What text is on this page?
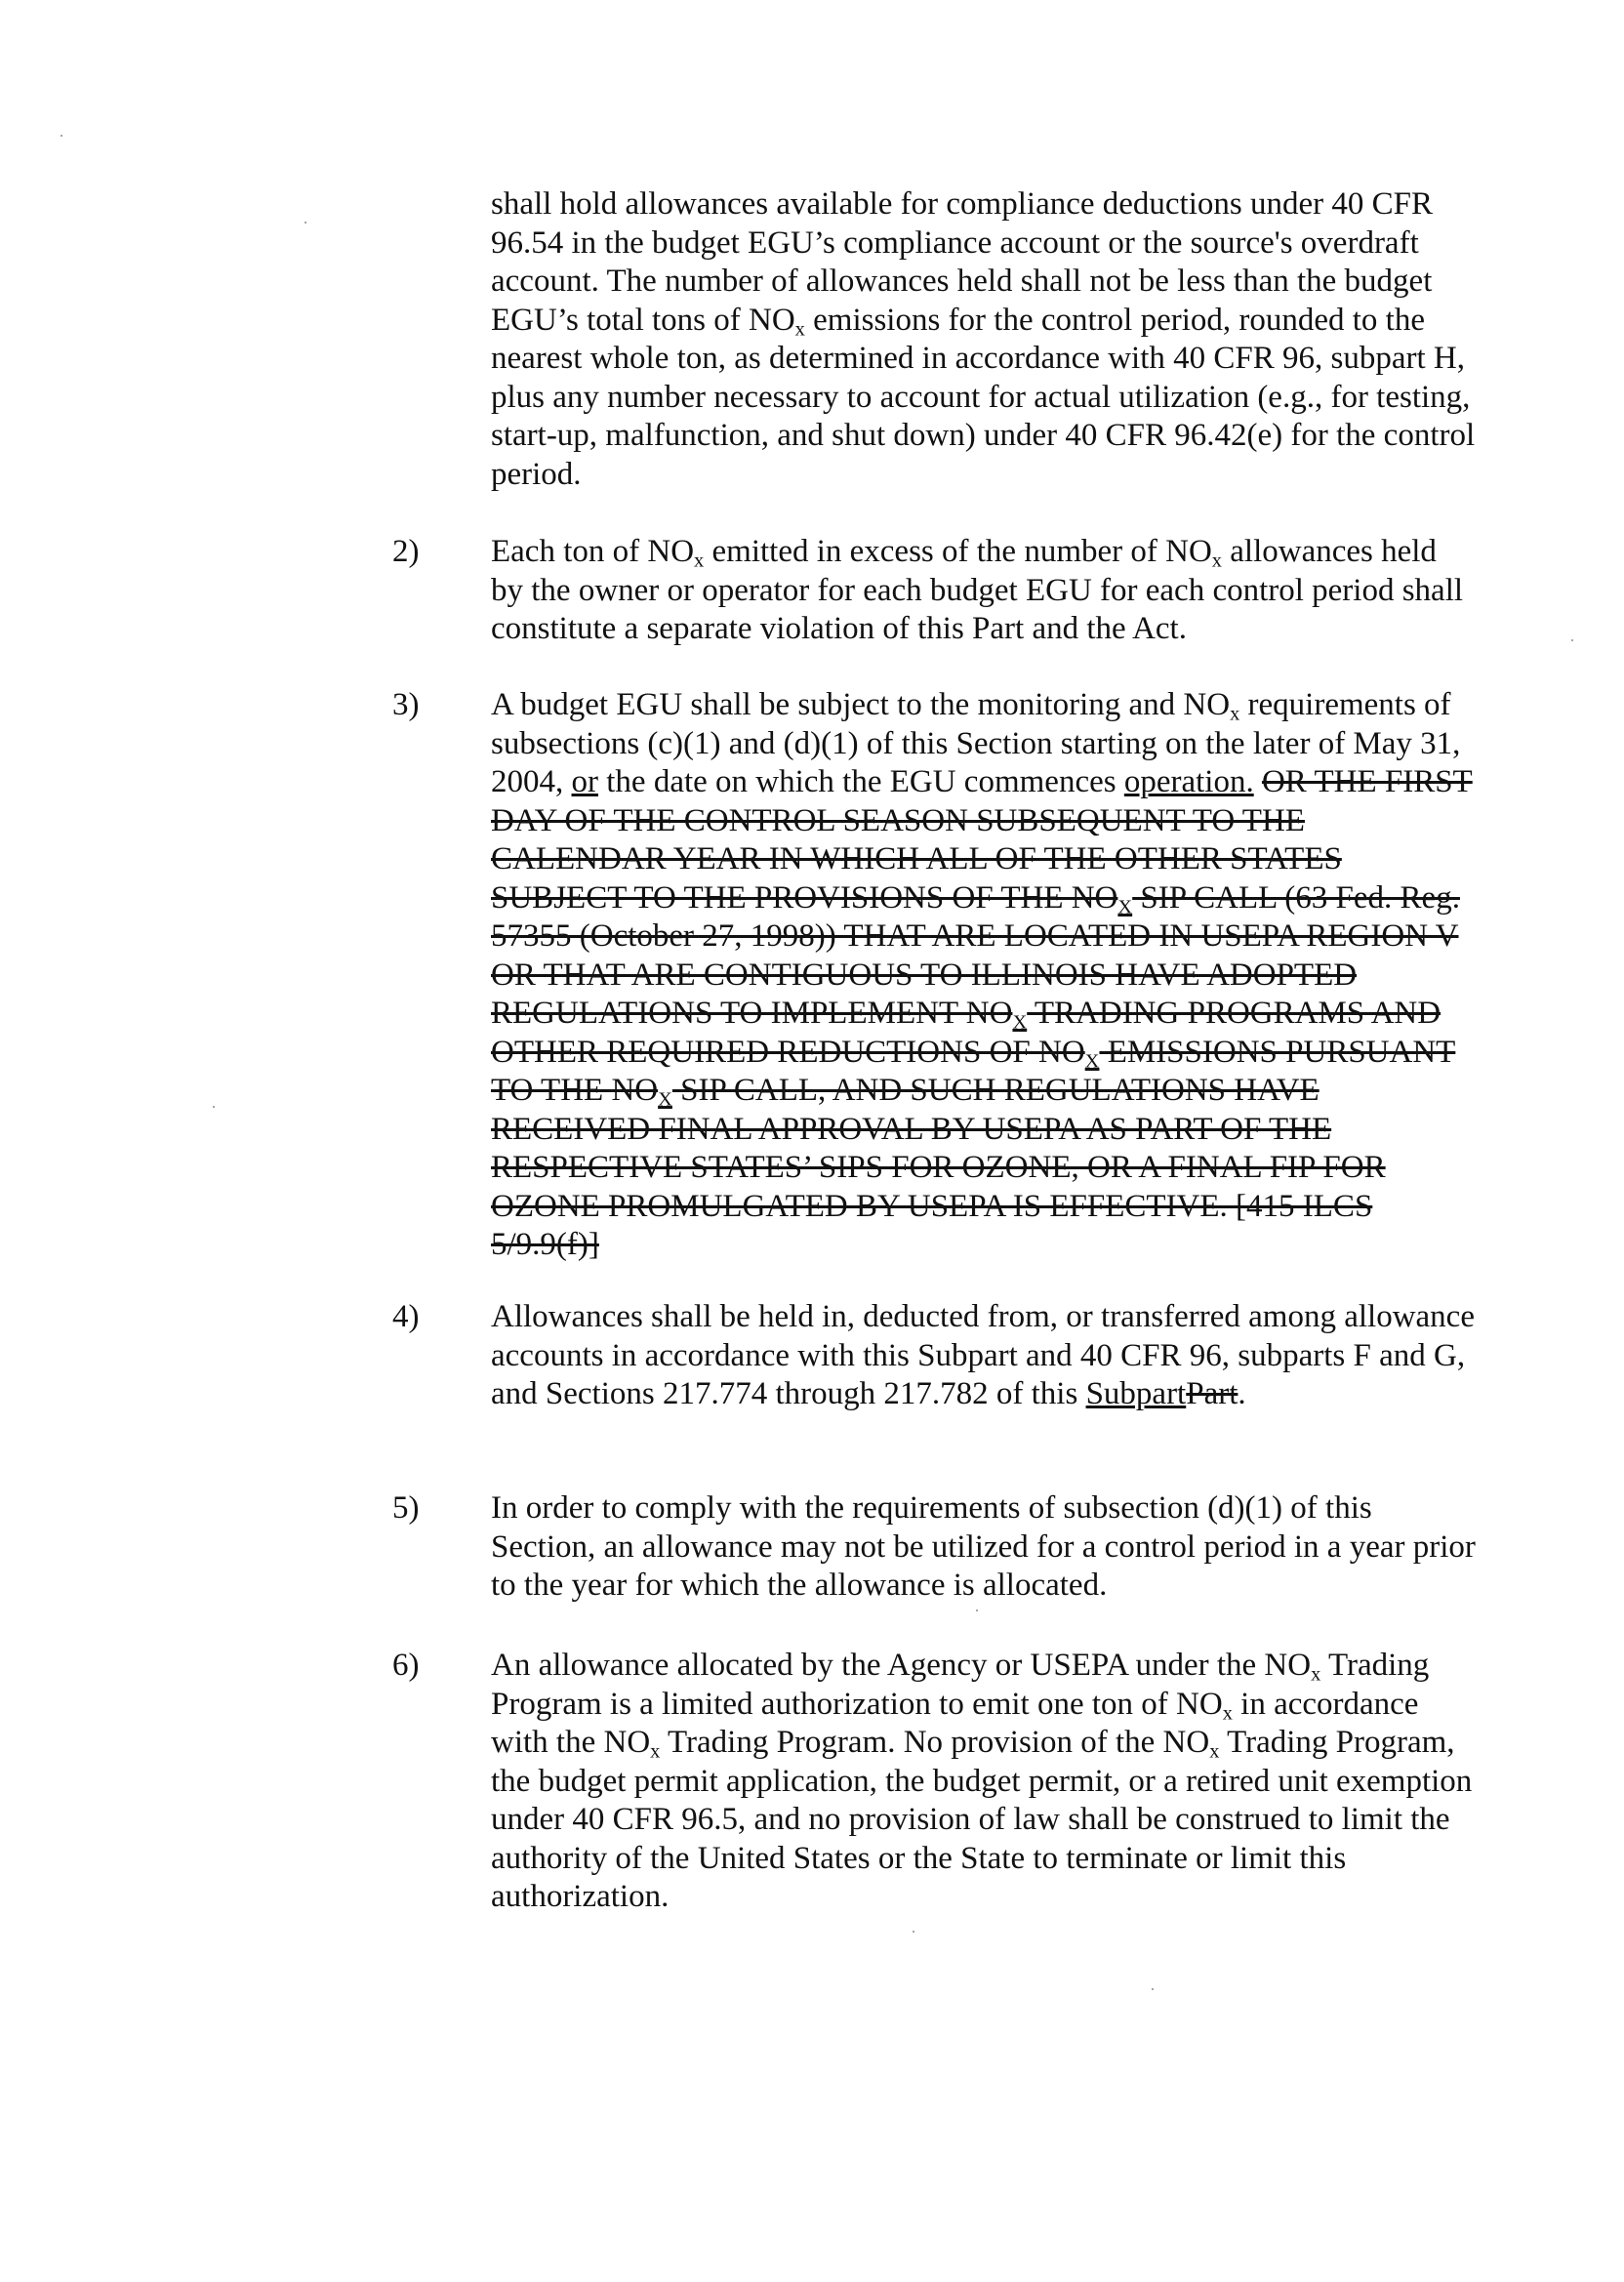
shall hold allowances available for compliance deductions under 40 CFR 96.54 in the budget EGU’s compliance account or the source's overdraft account. The number of allowances held shall not be less than the budget EGU’s total tons of $NO_x$ emissions for the control period, rounded to the nearest whole ton, as determined in accordance with 40 CFR 96, subpart H, plus any number necessary to account for actual utilization (e.g., for testing, start-up, malfunction, and shut down) under 40 CFR 96.42(e) for the control period.

2) Each ton of $NO_x$ emitted in excess of the number of $NO_x$ allowances held by the owner or operator for each budget EGU for each control period shall constitute a separate violation of this Part and the Act.

3) A budget EGU shall be subject to the monitoring and $NO_x$ requirements of subsections (c)(1) and (d)(1) of this Section starting on the later of May 31, 2004, or the date on which the EGU commences operation. OR THE FIRST DAY OF THE CONTROL SEASON SUBSEQUENT TO THE CALENDAR YEAR IN WHICH ALL OF THE OTHER STATES SUBJECT TO THE PROVISIONS OF THE $NO_X$ SIP CALL (63 Fed. Reg. 57355 (October 27, 1998)) THAT ARE LOCATED IN USEPA REGION V OR THAT ARE CONTIGUOUS TO ILLINOIS HAVE ADOPTED REGULATIONS TO IMPLEMENT $NO_X$ TRADING PROGRAMS AND OTHER REQUIRED REDUCTIONS OF $NO_X$ EMISSIONS PURSUANT TO THE $NO_X$ SIP CALL, AND SUCH REGULATIONS HAVE RECEIVED FINAL APPROVAL BY USEPA AS PART OF THE RESPECTIVE STATES’ SIPS FOR OZONE, OR A FINAL FIP FOR OZONE PROMULGATED BY USEPA IS EFFECTIVE. [415 ILCS 5/9.9(f)]

4) Allowances shall be held in, deducted from, or transferred among allowance accounts in accordance with this Subpart and 40 CFR 96, subparts F and G, and Sections 217.774 through 217.782 of this SubpartPart.

5) In order to comply with the requirements of subsection (d)(1) of this Section, an allowance may not be utilized for a control period in a year prior to the year for which the allowance is allocated.

6) An allowance allocated by the Agency or USEPA under the $NO_x$ Trading Program is a limited authorization to emit one ton of $NO_x$ in accordance with the $NO_x$ Trading Program. No provision of the $NO_x$ Trading Program, the budget permit application, the budget permit, or a retired unit exemption under 40 CFR 96.5, and no provision of law shall be construed to limit the authority of the United States or the State to terminate or limit this authorization.
